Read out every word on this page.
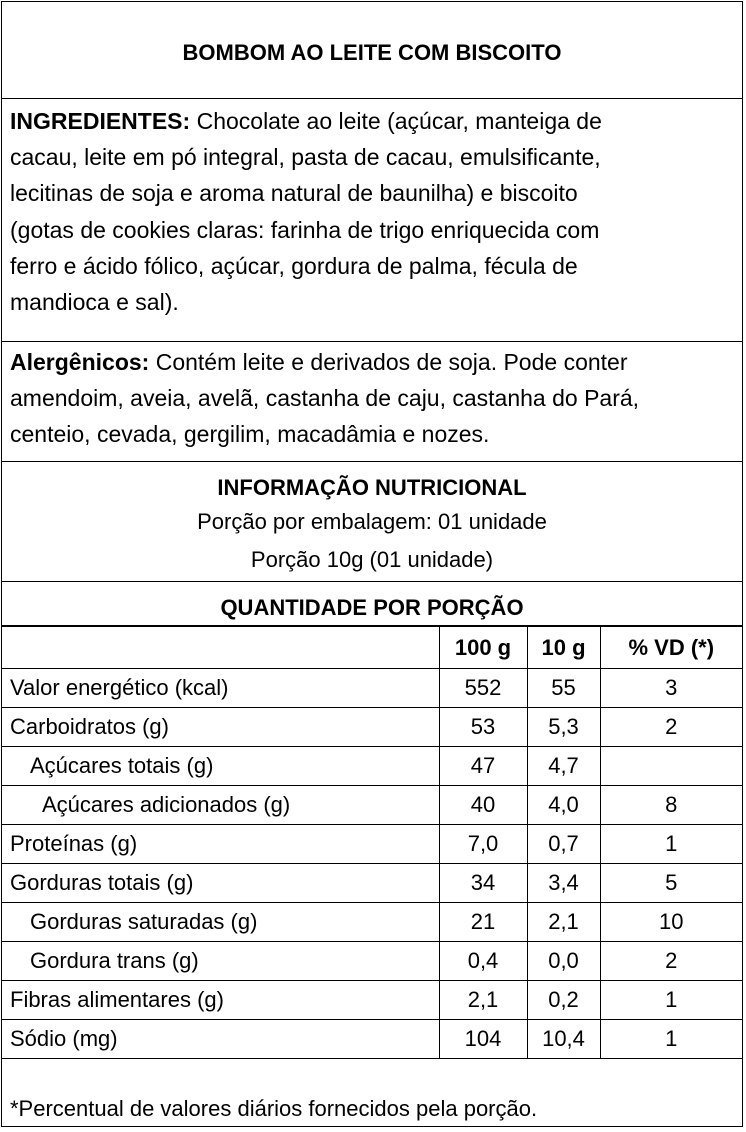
BOMBOM AO LEITE COM BISCOITO
INGREDIENTES: Chocolate ao leite (açúcar, manteiga de
cacau, leite em pó integral, pasta de cacau, emulsificante,
lecitinas de soja e aroma natural de baunilha) e biscoito
(gotas de cookies claras: farinha de trigo enriquecida com
ferro e ácido fólico, açúcar, gordura de palma, fécula de
mandioca e sal).
Alergênicos: Contém leite e derivados de soja. Pode conter
amendoim, aveia, avelã, castanha de caju, castanha do Pará,
centeio, cevada, gergilim, macadâmia e nozes.
INFORMAÇÃO NUTRICIONAL
Porção por embalagem: 01 unidade
Porção 10g (01 unidade)
QUANTIDADE POR PORÇÃO
	100 g	10 g	% VD (*)
Valor energético (kcal)	552	55	3
Carboidratos (g)	53	5,3	2
Açúcares totais (g)	47	4,7	
Açúcares adicionados (g)	40	4,0	8
Proteínas (g)	7,0	0,7	1
Gorduras totais (g)	34	3,4	5
Gorduras saturadas (g)	21	2,1	10
Gordura trans (g)	0,4	0,0	2
Fibras alimentares (g)	2,1	0,2	1
Sódio (mg)	104	10,4	1
*Percentual de valores diários fornecidos pela porção.
